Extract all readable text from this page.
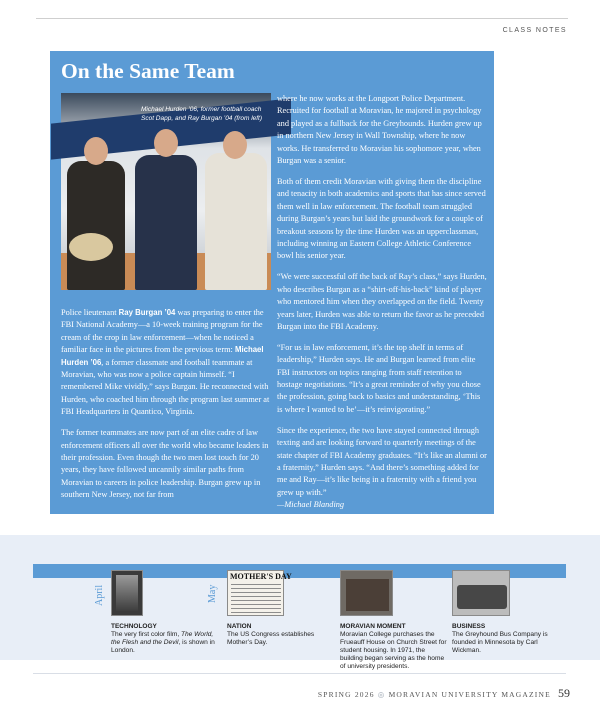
CLASS NOTES
On the Same Team
Michael Hurden ’06, former football coach Scot Dapp, and Ray Burgan ’04 (from left)

Police lieutenant Ray Burgan ’04 was preparing to enter the FBI National Academy—a 10-week training program for the cream of the crop in law enforcement—when he noticed a familiar face in the pictures from the previous term: Michael Hurden ’06, a former classmate and football teammate at Moravian, who was now a police captain himself. “I remembered Mike vividly,” says Burgan. He reconnected with Hurden, who coached him through the program last summer at FBI Headquarters in Quantico, Virginia.

The former teammates are now part of an elite cadre of law enforcement officers all over the world who became leaders in their profession. Even though the two men lost touch for 20 years, they have followed uncannily similar paths from Moravian to careers in police leadership. Burgan grew up in southern New Jersey, not far from

where he now works at the Longport Police Department. Recruited for football at Moravian, he majored in psychology and played as a fullback for the Greyhounds. Hurden grew up in northern New Jersey in Wall Township, where he now works. He transferred to Moravian his sophomore year, when Burgan was a senior.

Both of them credit Moravian with giving them the discipline and tenacity in both academics and sports that has since served them well in law enforcement. The football team struggled during Burgan’s years but laid the groundwork for a couple of breakout seasons by the time Hurden was an upperclassman, including winning an Eastern College Athletic Conference bowl his senior year.

“We were successful off the back of Ray’s class,” says Hurden, who describes Burgan as a “shirt-off-his-back” kind of player who mentored him when they overlapped on the field. Twenty years later, Hurden was able to return the favor as he preceded Burgan into the FBI Academy.

“For us in law enforcement, it’s the top shelf in terms of leadership,” Hurden says. He and Burgan learned from elite FBI instructors on topics ranging from staff retention to hostage negotiations. “It’s a great reminder of why you chose the profession, going back to basics and understanding, ‘This is where I wanted to be’—it’s reinvigorating.”

Since the experience, the two have stayed connected through texting and are looking forward to quarterly meetings of the state chapter of FBI Academy graduates. “It’s like an alumni or a fraternity,” Hurden says. “And there’s something added for me and Ray—it’s like being in a fraternity with a friend you grew up with.”
—Michael Blanding

April	May
MOTHER'S DAY
TECHNOLOGY
The very first color film, The World, the Flesh and the Devil, is shown in London.
NATION
The US Congress establishes Mother’s Day.
MORAVIAN MOMENT
Moravian College purchases the Frueauff House on Church Street for student housing. In 1971, the building began serving as the home of university presidents.
BUSINESS
The Greyhound Bus Company is founded in Minnesota by Carl Wickman.
SPRING 2026 ◎ MORAVIAN UNIVERSITY MAGAZINE 59
